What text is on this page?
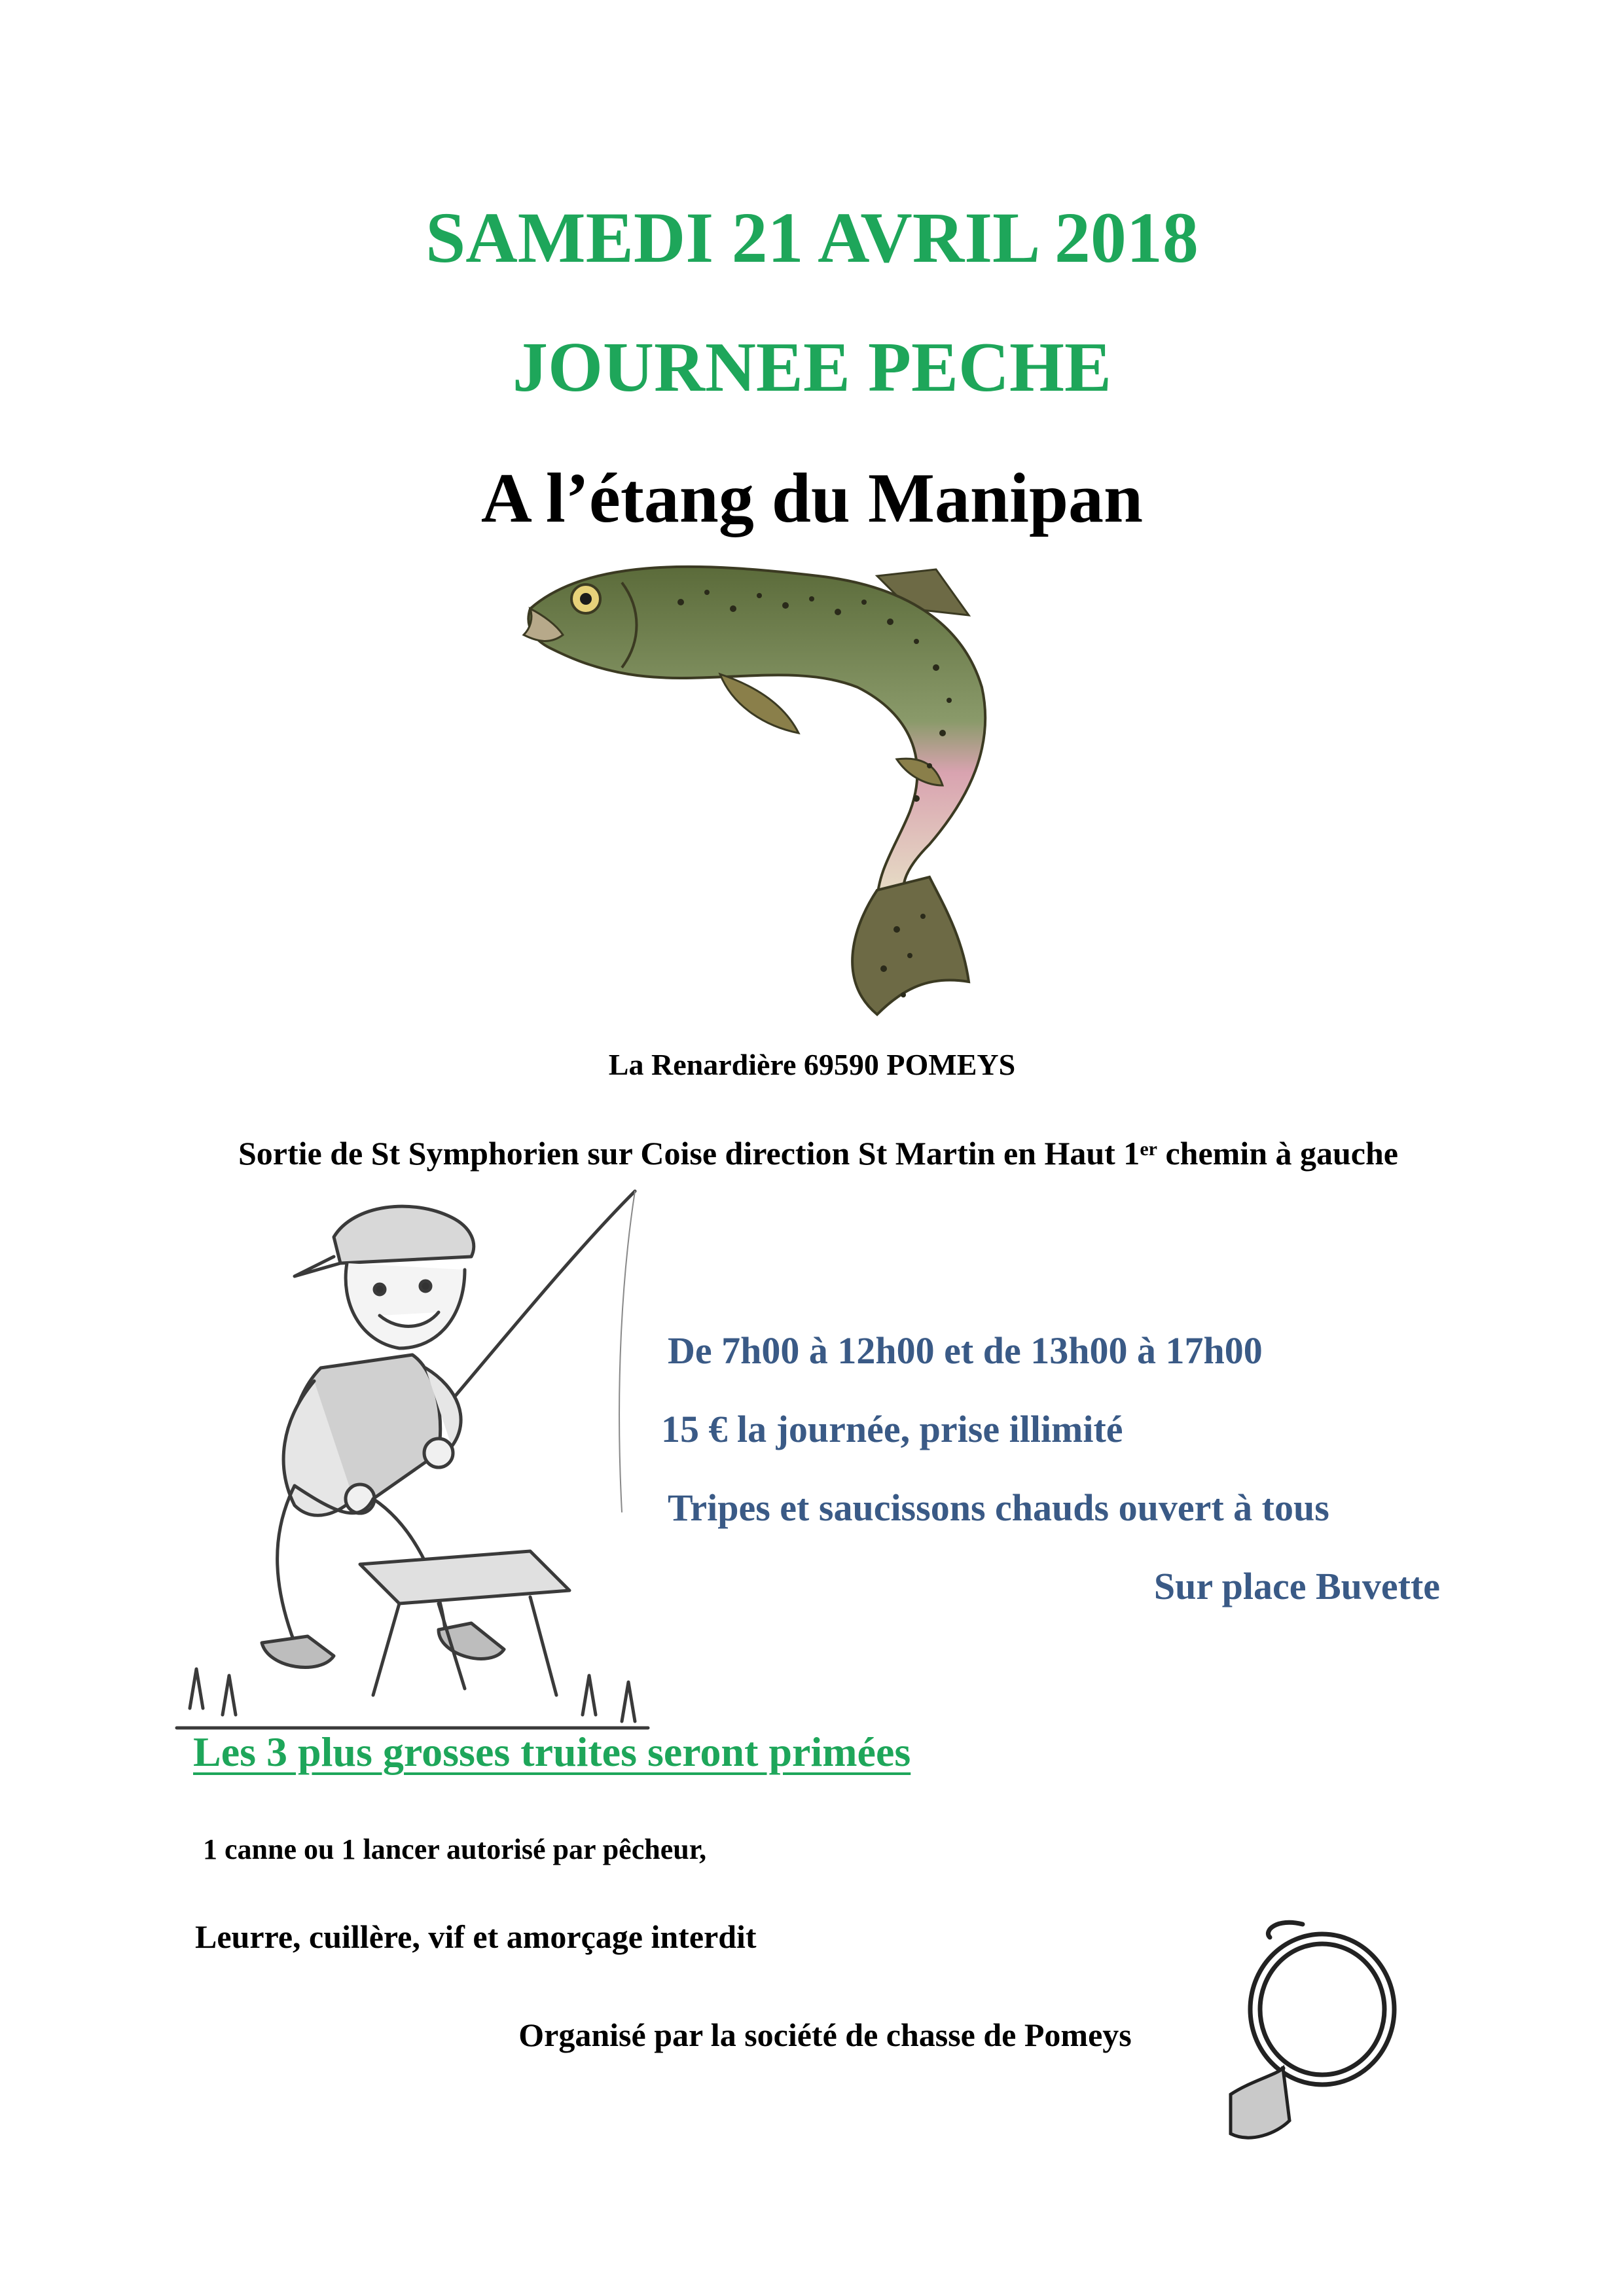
SAMEDI 21 AVRIL 2018
JOURNEE PECHE
A l’étang du Manipan
La Renardière 69590 POMEYS
Sortie de St Symphorien sur Coise direction St Martin en Haut 1er chemin à gauche
De 7h00 à 12h00 et de 13h00 à 17h00
15 € la journée, prise illimité
Tripes et saucissons chauds ouvert à tous
Sur place Buvette
Les 3 plus grosses truites seront primées
1 canne ou 1 lancer autorisé par pêcheur,
Leurre, cuillère, vif et amorçage interdit
Organisé par la société de chasse de Pomeys
